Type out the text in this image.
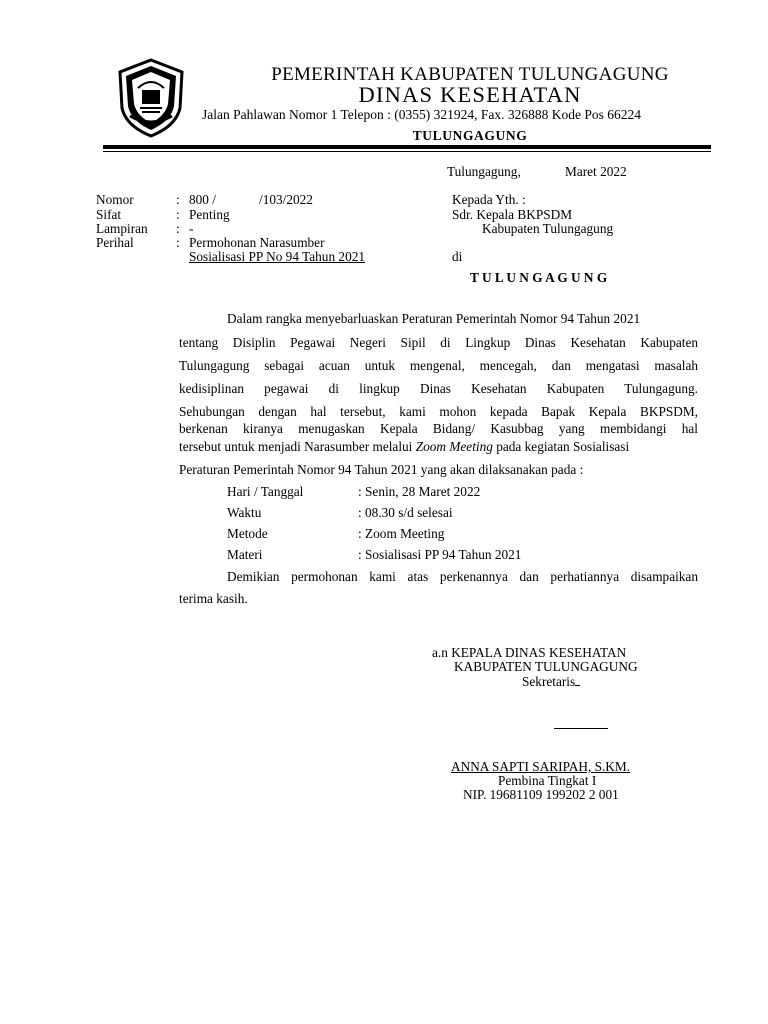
PEMERINTAH KABUPATEN TULUNGAGUNG
DINAS KESEHATAN
Jalan Pahlawan Nomor 1 Telepon : (0355) 321924, Fax. 326888 Kode Pos 66224
TULUNGAGUNG
Tulungagung,	Maret 2022
Nomor	: 800 /	/103/2022
Sifat	: Penting
Lampiran : -
Perihal	: Permohonan Narasumber
Sosialisasi PP No 94 Tahun 2021
Kepada Yth. :
Sdr. Kepala BKPSDM
Kabupaten Tulungagung
di
T U L U N G A G U N G
Dalam rangka menyebarluaskan Peraturan Pemerintah Nomor 94 Tahun 2021
tentang Disiplin Pegawai Negeri Sipil di Lingkup Dinas Kesehatan Kabupaten
Tulungagung sebagai acuan untuk mengenal, mencegah, dan mengatasi masalah
kedisiplinan pegawai di lingkup Dinas Kesehatan Kabupaten Tulungagung.
Sehubungan dengan hal tersebut, kami mohon kepada Bapak Kepala BKPSDM,
berkenan kiranya menugaskan Kepala Bidang/ Kasubbag yang membidangi hal
tersebut untuk menjadi Narasumber melalui Zoom Meeting pada kegiatan Sosialisasi
Peraturan Pemerintah Nomor 94 Tahun 2021 yang akan dilaksanakan pada :
Hari / Tanggal	: Senin, 28 Maret 2022
Waktu	: 08.30 s/d selesai
Metode	: Zoom Meeting
Materi	: Sosialisasi PP 94 Tahun 2021
Demikian permohonan kami atas perkenannya dan perhatiannya disampaikan
terima kasih.
a.n KEPALA DINAS KESEHATAN
KABUPATEN TULUNGAGUNG
Sekretaris
ANNA SAPTI SARIPAH, S.KM.
Pembina Tingkat I
NIP. 19681109 199202 2 001
